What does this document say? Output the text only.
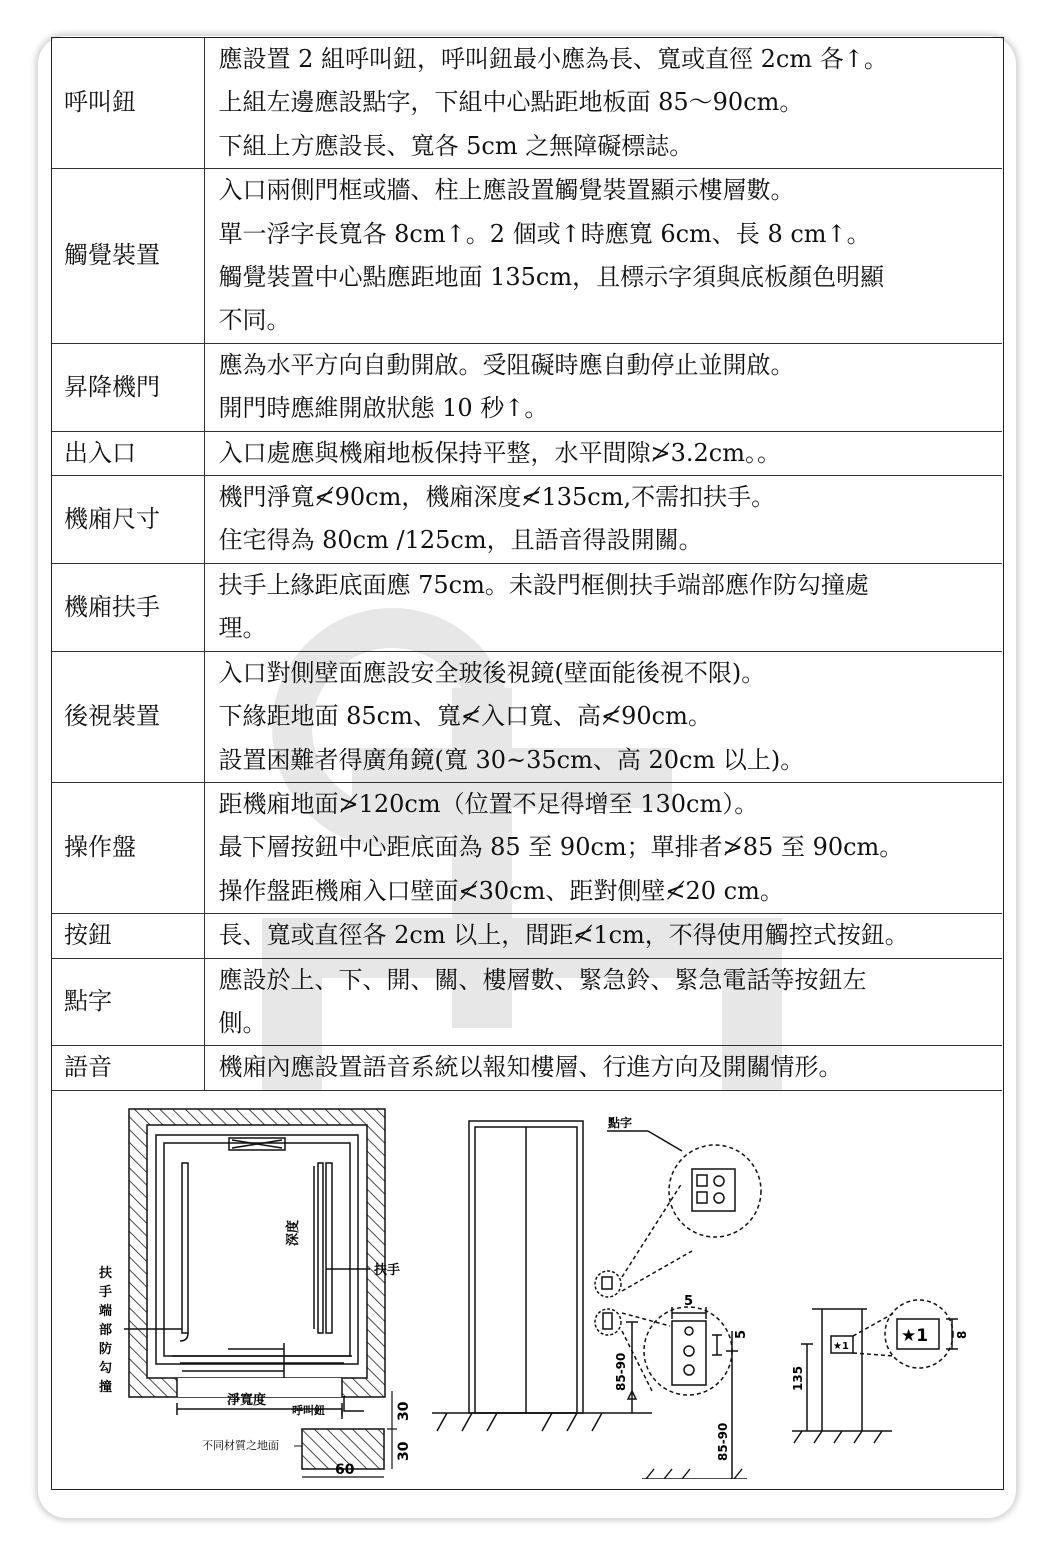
呼叫鈕	應設置 2 組呼叫鈕，呼叫鈕最小應為長、寬或直徑 2cm 各↑。
上組左邊應設點字，下組中心點距地板面 85～90cm。
下組上方應設長、寬各 5cm 之無障礙標誌。

觸覺裝置	入口兩側門框或牆、柱上應設置觸覺裝置顯示樓層數。
單一浮字長寬各 8cm↑。2 個或↑時應寬 6cm、長 8 cm↑。
觸覺裝置中心點應距地面 135cm，且標示字須與底板顏色明顯
不同。

昇降機門	應為水平方向自動開啟。受阻礙時應自動停止並開啟。
開門時應維開啟狀態 10 秒↑。

出入口	入口處應與機廂地板保持平整，水平間隙≯3.2cm。。

機廂尺寸	機門淨寬≮90cm，機廂深度≮135cm,不需扣扶手。
住宅得為 80cm /125cm，且語音得設開關。

機廂扶手	扶手上緣距底面應 75cm。未設門框側扶手端部應作防勾撞處
理。

後視裝置	入口對側壁面應設安全玻後視鏡(壁面能後視不限)。
下緣距地面 85cm、寬≮入口寬、高≮90cm。
設置困難者得廣角鏡(寬 30~35cm、高 20cm 以上)。

操作盤	距機廂地面≯120cm（位置不足得增至 130cm）。
最下層按鈕中心距底面為 85 至 90cm；單排者≯85 至 90cm。
操作盤距機廂入口壁面≮30cm、距對側壁≮20 cm。

按鈕	長、寬或直徑各 2cm 以上，間距≮1cm，不得使用觸控式按鈕。

點字	應設於上、下、開、關、樓層數、緊急鈴、緊急電話等按鈕左
側。

語音	機廂內應設置語音系統以報知樓層、行進方向及開關情形。
深度
扶手
淨寬度
呼叫鈕
扶
手
端
部
防
勾
撞
不同材質之地面
30
30
60
85-90
點字
5
5
85-90
★1
★1 8
135
